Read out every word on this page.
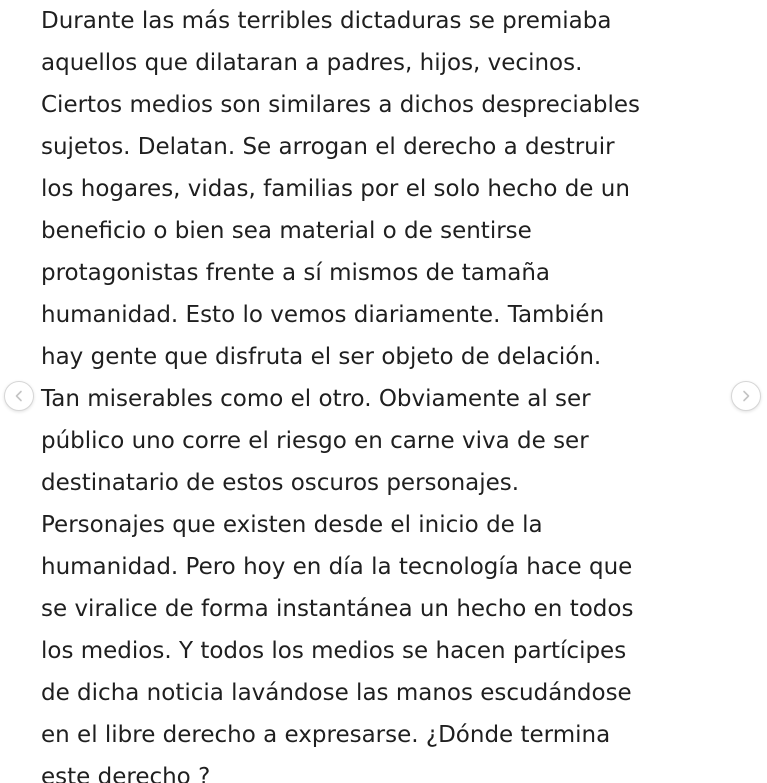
Durante las más terribles dictaduras se premiaba
aquellos que dilataran a padres, hijos, vecinos.
Ciertos medios son similares a dichos despreciables
sujetos. Delatan. Se arrogan el derecho a destruir
los hogares, vidas, familias por el solo hecho de un
beneficio o bien sea material o de sentirse
protagonistas frente a sí mismos de tamaña
humanidad. Esto lo vemos diariamente. También
hay gente que disfruta el ser objeto de delación.
Tan miserables como el otro. Obviamente al ser
público uno corre el riesgo en carne viva de ser
destinatario de estos oscuros personajes.
Personajes que existen desde el inicio de la
humanidad. Pero hoy en día la tecnología hace que
se viralice de forma instantánea un hecho en todos
los medios. Y todos los medios se hacen partícipes
de dicha noticia lavándose las manos escudándose
en el libre derecho a expresarse. ¿Dónde termina
este derecho ?
